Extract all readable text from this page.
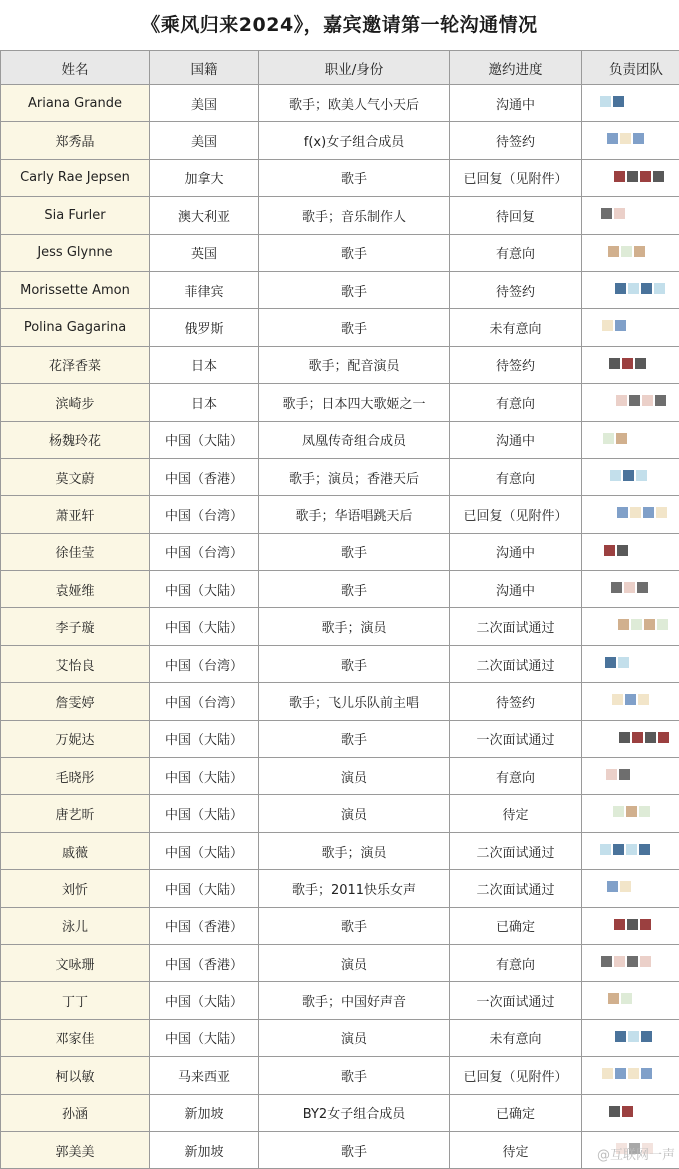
《乘风归来2024》，嘉宾邀请第一轮沟通情况
姓名	国籍	职业/身份	邀约进度	负责团队
Ariana Grande	美国	歌手；欧美人气小天后	沟通中	

郑秀晶	美国	f(x)女子组合成员	待签约	

Carly Rae Jepsen	加拿大	歌手	已回复（见附件）	

Sia Furler	澳大利亚	歌手；音乐制作人	待回复	

Jess Glynne	英国	歌手	有意向	

Morissette Amon	菲律宾	歌手	待签约	

Polina Gagarina	俄罗斯	歌手	未有意向	

花泽香菜	日本	歌手；配音演员	待签约	

滨崎步	日本	歌手；日本四大歌姬之一	有意向	

杨魏玲花	中国（大陆）	凤凰传奇组合成员	沟通中	

莫文蔚	中国（香港）	歌手；演员；香港天后	有意向	

萧亚轩	中国（台湾）	歌手；华语唱跳天后	已回复（见附件）	

徐佳莹	中国（台湾）	歌手	沟通中	

袁娅维	中国（大陆）	歌手	沟通中	

李子璇	中国（大陆）	歌手；演员	二次面试通过	

艾怡良	中国（台湾）	歌手	二次面试通过	

詹雯婷	中国（台湾）	歌手；飞儿乐队前主唱	待签约	

万妮达	中国（大陆）	歌手	一次面试通过	

毛晓彤	中国（大陆）	演员	有意向	

唐艺昕	中国（大陆）	演员	待定	

戚薇	中国（大陆）	歌手；演员	二次面试通过	

刘忻	中国（大陆）	歌手；2011快乐女声	二次面试通过	

泳儿	中国（香港）	歌手	已确定	

文咏珊	中国（香港）	演员	有意向	

丁丁	中国（大陆）	歌手；中国好声音	一次面试通过	

邓家佳	中国（大陆）	演员	未有意向	

柯以敏	马来西亚	歌手	已回复（见附件）	

孙涵	新加坡	BY2女子组合成员	已确定	

郭美美	新加坡	歌手	待定		@互联网一声
